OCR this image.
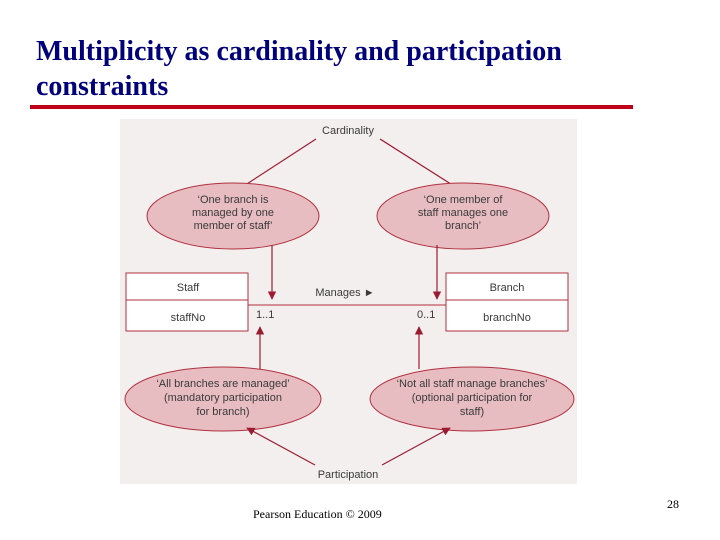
Multiplicity as cardinality and participation constraints
Cardinality
‘One branch is
managed by one
member of staff’
‘One member of
staff manages one
branch’
Staff
staffNo
Branch
branchNo
Manages ►
1..1	0..1
‘All branches are managed’
(mandatory participation
for branch)
‘Not all staff manage branches’
(optional participation for
staff)
Participation
Pearson Education © 2009
28
